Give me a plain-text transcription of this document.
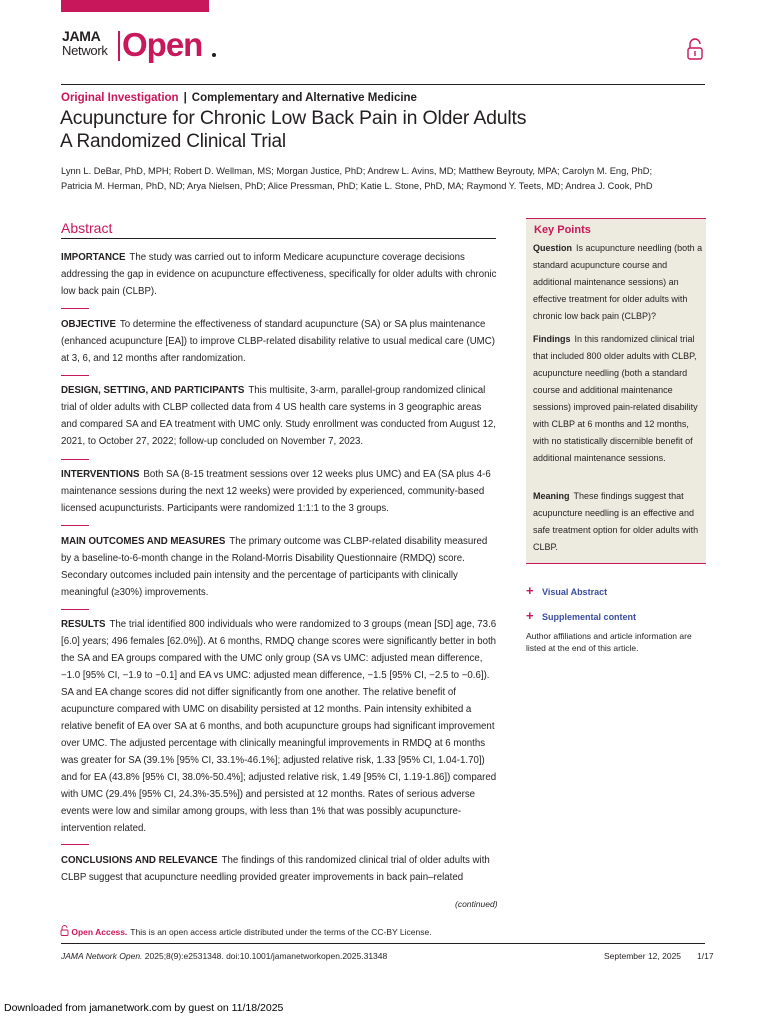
JAMA
Network Open
Original Investigation | Complementary and Alternative Medicine
Acupuncture for Chronic Low Back Pain in Older Adults
A Randomized Clinical Trial
Lynn L. DeBar, PhD, MPH; Robert D. Wellman, MS; Morgan Justice, PhD; Andrew L. Avins, MD; Matthew Beyrouty, MPA; Carolyn M. Eng, PhD; Patricia M. Herman, PhD, ND; Arya Nielsen, PhD; Alice Pressman, PhD; Katie L. Stone, PhD, MA; Raymond Y. Teets, MD; Andrea J. Cook, PhD
Abstract
IMPORTANCE The study was carried out to inform Medicare acupuncture coverage decisions addressing the gap in evidence on acupuncture effectiveness, specifically for older adults with chronic low back pain (CLBP).
OBJECTIVE To determine the effectiveness of standard acupuncture (SA) or SA plus maintenance (enhanced acupuncture [EA]) to improve CLBP-related disability relative to usual medical care (UMC) at 3, 6, and 12 months after randomization.
DESIGN, SETTING, AND PARTICIPANTS This multisite, 3-arm, parallel-group randomized clinical trial of older adults with CLBP collected data from 4 US health care systems in 3 geographic areas and compared SA and EA treatment with UMC only. Study enrollment was conducted from August 12, 2021, to October 27, 2022; follow-up concluded on November 7, 2023.
INTERVENTIONS Both SA (8-15 treatment sessions over 12 weeks plus UMC) and EA (SA plus 4-6 maintenance sessions during the next 12 weeks) were provided by experienced, community-based licensed acupuncturists. Participants were randomized 1:1:1 to the 3 groups.
MAIN OUTCOMES AND MEASURES The primary outcome was CLBP-related disability measured by a baseline-to-6-month change in the Roland-Morris Disability Questionnaire (RMDQ) score. Secondary outcomes included pain intensity and the percentage of participants with clinically meaningful (≥30%) improvements.
RESULTS The trial identified 800 individuals who were randomized to 3 groups (mean [SD] age, 73.6 [6.0] years; 496 females [62.0%]). At 6 months, RMDQ change scores were significantly better in both the SA and EA groups compared with the UMC only group (SA vs UMC: adjusted mean difference, −1.0 [95% CI, −1.9 to −0.1] and EA vs UMC: adjusted mean difference, −1.5 [95% CI, −2.5 to −0.6]). SA and EA change scores did not differ significantly from one another. The relative benefit of acupuncture compared with UMC on disability persisted at 12 months. Pain intensity exhibited a relative benefit of EA over SA at 6 months, and both acupuncture groups had significant improvement over UMC. The adjusted percentage with clinically meaningful improvements in RMDQ at 6 months was greater for SA (39.1% [95% CI, 33.1%-46.1%]; adjusted relative risk, 1.33 [95% CI, 1.04-1.70]) and for EA (43.8% [95% CI, 38.0%-50.4%]; adjusted relative risk, 1.49 [95% CI, 1.19-1.86]) compared with UMC (29.4% [95% CI, 24.3%-35.5%]) and persisted at 12 months. Rates of serious adverse events were low and similar among groups, with less than 1% that was possibly acupuncture-intervention related.
CONCLUSIONS AND RELEVANCE The findings of this randomized clinical trial of older adults with CLBP suggest that acupuncture needling provided greater improvements in back pain–related
(continued)
Key Points
Question Is acupuncture needling (both a standard acupuncture course and additional maintenance sessions) an effective treatment for older adults with chronic low back pain (CLBP)?
Findings In this randomized clinical trial that included 800 older adults with CLBP, acupuncture needling (both a standard course and additional maintenance sessions) improved pain-related disability with CLBP at 6 months and 12 months, with no statistically discernible benefit of additional maintenance sessions.
Meaning These findings suggest that acupuncture needling is an effective and safe treatment option for older adults with CLBP.
+ Visual Abstract
+ Supplemental content
Author affiliations and article information are listed at the end of this article.
Open Access. This is an open access article distributed under the terms of the CC-BY License.
JAMA Network Open. 2025;8(9):e2531348. doi:10.1001/jamanetworkopen.2025.31348	September 12, 2025 1/17
Downloaded from jamanetwork.com by guest on 11/18/2025
